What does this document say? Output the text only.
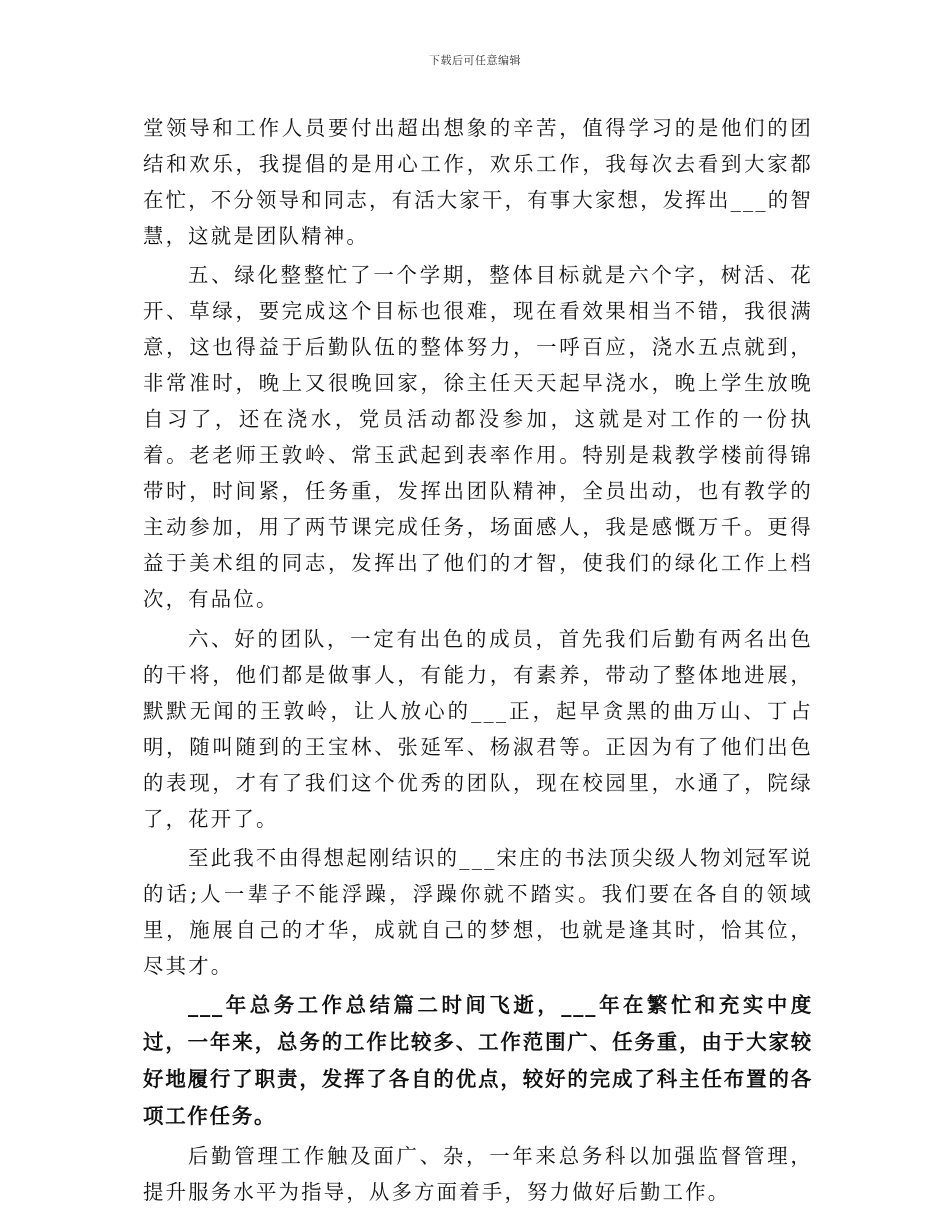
下载后可任意编辑

堂领导和工作人员要付出超出想象的辛苦，值得学习的是他们的团结和欢乐，我提倡的是用心工作，欢乐工作，我每次去看到大家都在忙，不分领导和同志，有活大家干，有事大家想，发挥出___的智慧，这就是团队精神。

五、绿化整整忙了一个学期，整体目标就是六个字，树活、花开、草绿，要完成这个目标也很难，现在看效果相当不错，我很满意，这也得益于后勤队伍的整体努力，一呼百应，浇水五点就到，非常准时，晚上又很晚回家，徐主任天天起早浇水，晚上学生放晚自习了，还在浇水，党员活动都没参加，这就是对工作的一份执着。老老师王敦岭、常玉武起到表率作用。特别是栽教学楼前得锦带时，时间紧，任务重，发挥出团队精神，全员出动，也有教学的主动参加，用了两节课完成任务，场面感人，我是感慨万千。更得益于美术组的同志，发挥出了他们的才智，使我们的绿化工作上档次，有品位。

六、好的团队，一定有出色的成员，首先我们后勤有两名出色的干将，他们都是做事人，有能力，有素养，带动了整体地进展，默默无闻的王敦岭，让人放心的___正，起早贪黑的曲万山、丁占明，随叫随到的王宝林、张延军、杨淑君等。正因为有了他们出色的表现，才有了我们这个优秀的团队，现在校园里，水通了，院绿了，花开了。

至此我不由得想起刚结识的___宋庄的书法顶尖级人物刘冠军说的话;人一辈子不能浮躁，浮躁你就不踏实。我们要在各自的领域里，施展自己的才华，成就自己的梦想，也就是逢其时，恰其位，尽其才。

___年总务工作总结篇二时间飞逝，___年在繁忙和充实中度过，一年来，总务的工作比较多、工作范围广、任务重，由于大家较好地履行了职责，发挥了各自的优点，较好的完成了科主任布置的各项工作任务。

后勤管理工作触及面广、杂，一年来总务科以加强监督管理，提升服务水平为指导，从多方面着手，努力做好后勤工作。
